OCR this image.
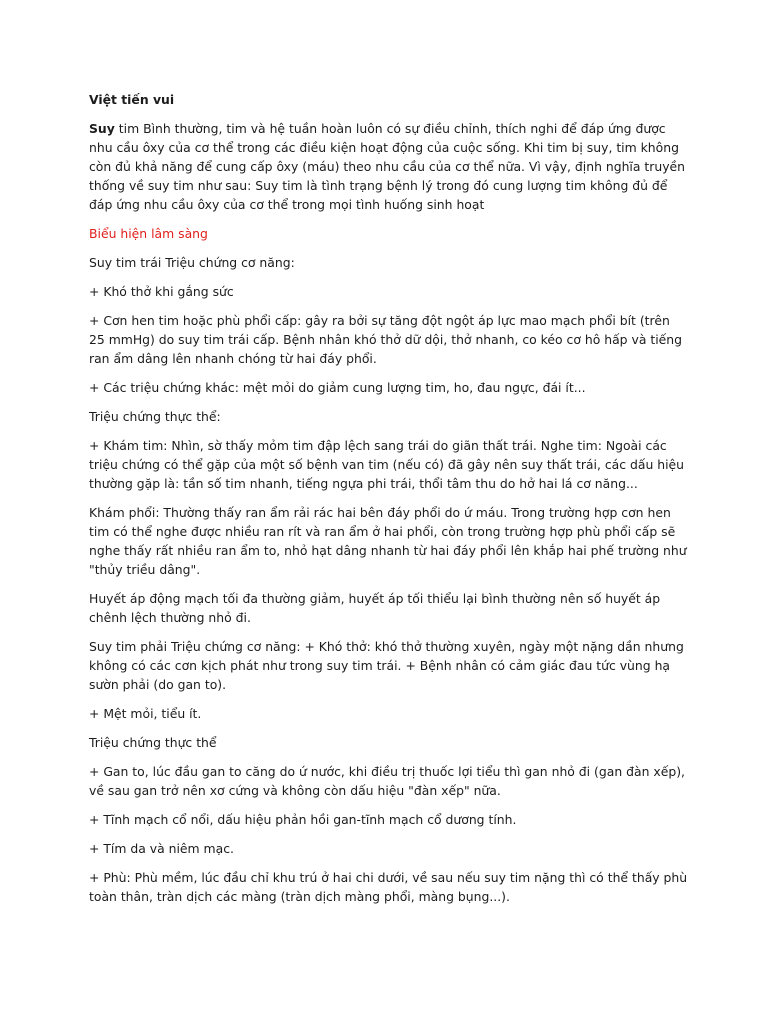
Việt tiến vui

Suy tim Bình thường, tim và hệ tuần hoàn luôn có sự điều chỉnh, thích nghi để đáp ứng được nhu cầu ôxy của cơ thể trong các điều kiện hoạt động của cuộc sống. Khi tim bị suy, tim không còn đủ khả năng để cung cấp ôxy (máu) theo nhu cầu của cơ thể nữa. Vì vậy, định nghĩa truyền thống về suy tim như sau: Suy tim là tình trạng bệnh lý trong đó cung lượng tim không đủ để đáp ứng nhu cầu ôxy của cơ thể trong mọi tình huống sinh hoạt

Biểu hiện lâm sàng

Suy tim trái Triệu chứng cơ năng:

+ Khó thở khi gắng sức

+ Cơn hen tim hoặc phù phổi cấp: gây ra bởi sự tăng đột ngột áp lực mao mạch phổi bít (trên 25 mmHg) do suy tim trái cấp. Bệnh nhân khó thở dữ dội, thở nhanh, co kéo cơ hô hấp và tiếng ran ẩm dâng lên nhanh chóng từ hai đáy phổi.

+ Các triệu chứng khác: mệt mỏi do giảm cung lượng tim, ho, đau ngực, đái ít...

Triệu chứng thực thể:

+ Khám tim: Nhìn, sờ thấy mỏm tim đập lệch sang trái do giãn thất trái. Nghe tim: Ngoài các triệu chứng có thể gặp của một số bệnh van tim (nếu có) đã gây nên suy thất trái, các dấu hiệu thường gặp là: tần số tim nhanh, tiếng ngựa phi trái, thổi tâm thu do hở hai lá cơ năng...

Khám phổi: Thường thấy ran ẩm rải rác hai bên đáy phổi do ứ máu. Trong trường hợp cơn hen tim có thể nghe được nhiều ran rít và ran ẩm ở hai phổi, còn trong trường hợp phù phổi cấp sẽ nghe thấy rất nhiều ran ẩm to, nhỏ hạt dâng nhanh từ hai đáy phổi lên khắp hai phế trường như "thủy triều dâng".

Huyết áp động mạch tối đa thường giảm, huyết áp tối thiểu lại bình thường nên số huyết áp chênh lệch thường nhỏ đi.

Suy tim phải Triệu chứng cơ năng: + Khó thở: khó thở thường xuyên, ngày một nặng dần nhưng không có các cơn kịch phát như trong suy tim trái. + Bệnh nhân có cảm giác đau tức vùng hạ sườn phải (do gan to).

+ Mệt mỏi, tiểu ít.

Triệu chứng thực thể

+ Gan to, lúc đầu gan to căng do ứ nước, khi điều trị thuốc lợi tiểu thì gan nhỏ đi (gan đàn xếp), về sau gan trở nên xơ cứng và không còn dấu hiệu "đàn xếp" nữa.

+ Tĩnh mạch cổ nổi, dấu hiệu phản hồi gan-tĩnh mạch cổ dương tính.

+ Tím da và niêm mạc.

+ Phù: Phù mềm, lúc đầu chỉ khu trú ở hai chi dưới, về sau nếu suy tim nặng thì có thể thấy phù toàn thân, tràn dịch các màng (tràn dịch màng phổi, màng bụng...).
